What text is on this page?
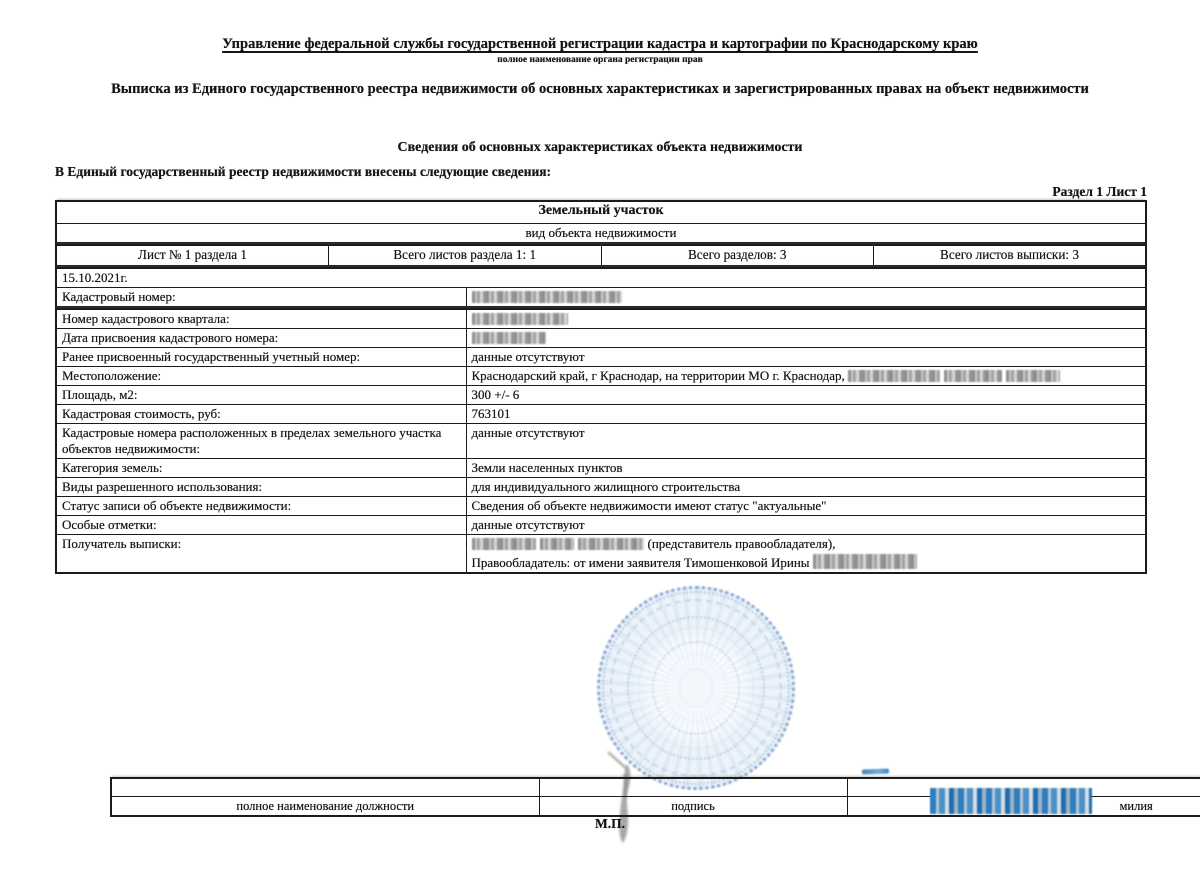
Управление федеральной службы государственной регистрации кадастра и картографии по Краснодарскому краю
полное наименование органа регистрации прав
Выписка из Единого государственного реестра недвижимости об основных характеристиках и зарегистрированных правах на объект недвижимости
Сведения об основных характеристиках объекта недвижимости
В Единый государственный реестр недвижимости внесены следующие сведения:
Раздел 1 Лист 1
Земельный участок
вид объекта недвижимости
Лист № 1 раздела 1	Всего листов раздела 1: 1	Всего разделов: 3	Всего листов выписки: 3
15.10.2021г.
Кадастровый номер:	
Номер кадастрового квартала:	
Дата присвоения кадастрового номера:	
Ранее присвоенный государственный учетный номер:	данные отсутствуют
Местоположение:	Краснодарский край, г Краснодар, на территории МО г. Краснодар,
Площадь, м2:	300 +/- 6
Кадастровая стоимость, руб:	763101
Кадастровые номера расположенных в пределах земельного участка объектов недвижимости:	данные отсутствуют
Категория земель:	Земли населенных пунктов
Виды разрешенного использования:	для индивидуального жилищного строительства
Статус записи об объекте недвижимости:	Сведения об объекте недвижимости имеют статус "актуальные"
Особые отметки:	данные отсутствуют
Получатель выписки:	(представитель правообладателя),
Правообладатель: от имени заявителя Тимошенковой Ирины

полное наименование должности	подпись	милия
М.П.
